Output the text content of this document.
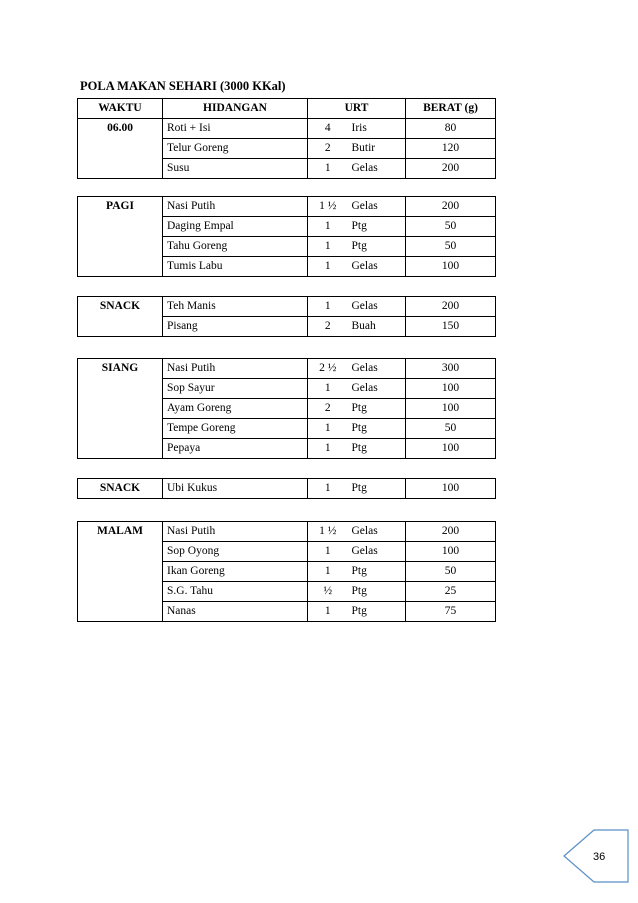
POLA MAKAN SEHARI (3000 KKal)
WAKTU	HIDANGAN	URT		BERAT (g)
06.00	Roti + Isi	4	Iris	80
	Telur Goreng	2	Butir	120
	Susu	1	Gelas	200
PAGI	Nasi Putih	1 ½	Gelas	200
	Daging Empal	1	Ptg	50
	Tahu Goreng	1	Ptg	50
	Tumis Labu	1	Gelas	100
SNACK	Teh Manis	1	Gelas	200
	Pisang	2	Buah	150
SIANG	Nasi Putih	2 ½	Gelas	300
	Sop Sayur	1	Gelas	100
	Ayam Goreng	2	Ptg	100
	Tempe Goreng	1	Ptg	50
	Pepaya	1	Ptg	100
SNACK	Ubi Kukus	1	Ptg	100
MALAM	Nasi Putih	1 ½	Gelas	200
	Sop Oyong	1	Gelas	100
	Ikan Goreng	1	Ptg	50
	S.G. Tahu	½	Ptg	25
	Nanas	1	Ptg	75
36
